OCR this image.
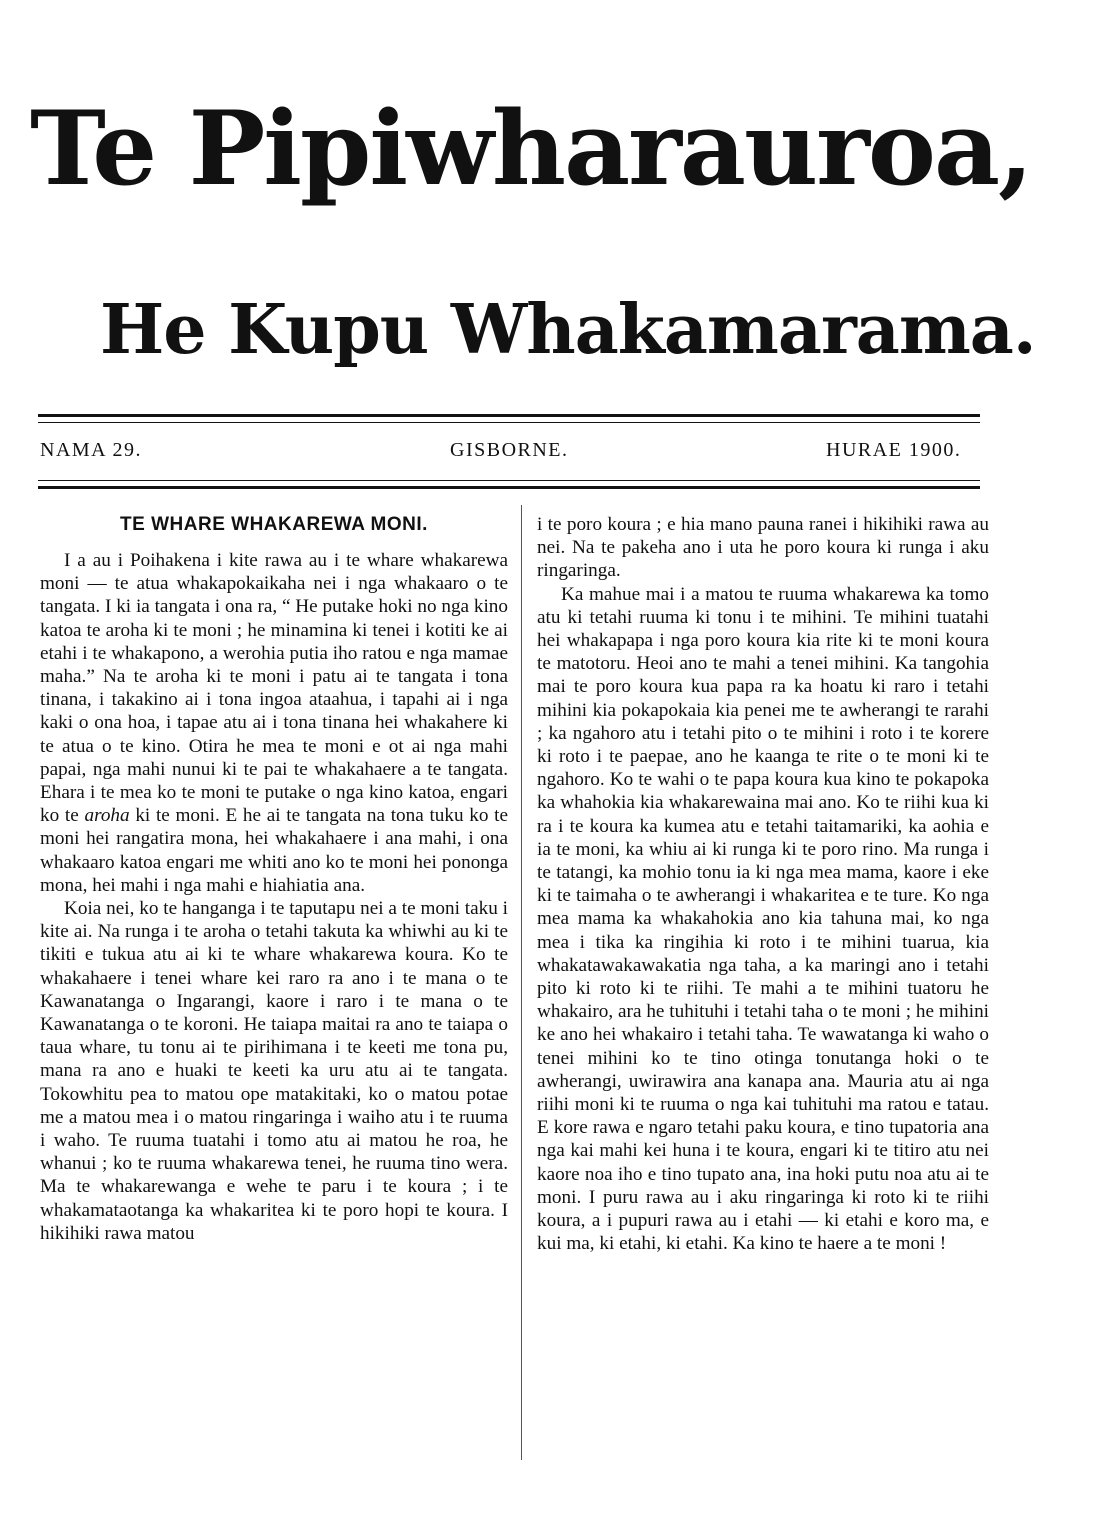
Te Pipiwharauroa,
He Kupu Whakamarama.
NAMA 29.	GISBORNE.	HURAE 1900.
TE WHARE WHAKAREWA MONI.

I a au i Poihakena i kite rawa au i te whare whakarewa moni — te atua whakapokaikaha nei i nga whakaaro o te tangata. I ki ia tangata i ona ra, “ He putake hoki no nga kino katoa te aroha ki te moni ; he minamina ki tenei i kotiti ke ai etahi i te whakapono, a werohia putia iho ratou e nga mamae maha.” Na te aroha ki te moni i patu ai te tangata i tona tinana, i takakino ai i tona ingoa ataahua, i tapahi ai i nga kaki o ona hoa, i tapae atu ai i tona tinana hei whakahere ki te atua o te kino. Otira he mea te moni e ot ai nga mahi papai, nga mahi nunui ki te pai te whakahaere a te tangata. Ehara i te mea ko te moni te putake o nga kino katoa, engari ko te aroha ki te moni. E he ai te tangata na tona tuku ko te moni hei rangatira mona, hei whakahaere i ana mahi, i ona whakaaro katoa engari me whiti ano ko te moni hei pononga mona, hei mahi i nga mahi e hiahiatia ana.

Koia nei, ko te hanganga i te taputapu nei a te moni taku i kite ai. Na runga i te aroha o tetahi takuta ka whiwhi au ki te tikiti e tukua atu ai ki te whare whakarewa koura. Ko te whakahaere i tenei whare kei raro ra ano i te mana o te Kawanatanga o Ingarangi, kaore i raro i te mana o te Kawanatanga o te koroni. He taiapa maitai ra ano te taiapa o taua whare, tu tonu ai te pirihimana i te keeti me tona pu, mana ra ano e huaki te keeti ka uru atu ai te tangata. Tokowhitu pea to matou ope matakitaki, ko o matou potae me a matou mea i o matou ringaringa i waiho atu i te ruuma i waho. Te ruuma tuatahi i tomo atu ai matou he roa, he whanui ; ko te ruuma whakarewa tenei, he ruuma tino wera. Ma te whakarewanga e wehe te paru i te koura ; i te whakamataotanga ka whakaritea ki te poro hopi te koura. I hikihiki rawa matou

i te poro koura ; e hia mano pauna ranei i hikihiki rawa au nei. Na te pakeha ano i uta he poro koura ki runga i aku ringaringa.

Ka mahue mai i a matou te ruuma whakarewa ka tomo atu ki tetahi ruuma ki tonu i te mihini. Te mihini tuatahi hei whakapapa i nga poro koura kia rite ki te moni koura te matotoru. Heoi ano te mahi a tenei mihini. Ka tangohia mai te poro koura kua papa ra ka hoatu ki raro i tetahi mihini kia pokapokaia kia penei me te awherangi te rarahi ; ka ngahoro atu i tetahi pito o te mihini i roto i te korere ki roto i te paepae, ano he kaanga te rite o te moni ki te ngahoro. Ko te wahi o te papa koura kua kino te pokapoka ka whahokia kia whakarewaina mai ano. Ko te riihi kua ki ra i te koura ka kumea atu e tetahi taitamariki, ka aohia e ia te moni, ka whiu ai ki runga ki te poro rino. Ma runga i te tatangi, ka mohio tonu ia ki nga mea mama, kaore i eke ki te taimaha o te awherangi i whakaritea e te ture. Ko nga mea mama ka whakahokia ano kia tahuna mai, ko nga mea i tika ka ringihia ki roto i te mihini tuarua, kia whakatawakawakatia nga taha, a ka maringi ano i tetahi pito ki roto ki te riihi. Te mahi a te mihini tuatoru he whakairo, ara he tuhituhi i tetahi taha o te moni ; he mihini ke ano hei whakairo i tetahi taha. Te wawatanga ki waho o tenei mihini ko te tino otinga tonutanga hoki o te awherangi, uwirawira ana kanapa ana. Mauria atu ai nga riihi moni ki te ruuma o nga kai tuhituhi ma ratou e tatau. E kore rawa e ngaro tetahi paku koura, e tino tupatoria ana nga kai mahi kei huna i te koura, engari ki te titiro atu nei kaore noa iho e tino tupato ana, ina hoki putu noa atu ai te moni. I puru rawa au i aku ringaringa ki roto ki te riihi koura, a i pupuri rawa au i etahi — ki etahi e koro ma, e kui ma, ki etahi, ki etahi. Ka kino te haere a te moni !
